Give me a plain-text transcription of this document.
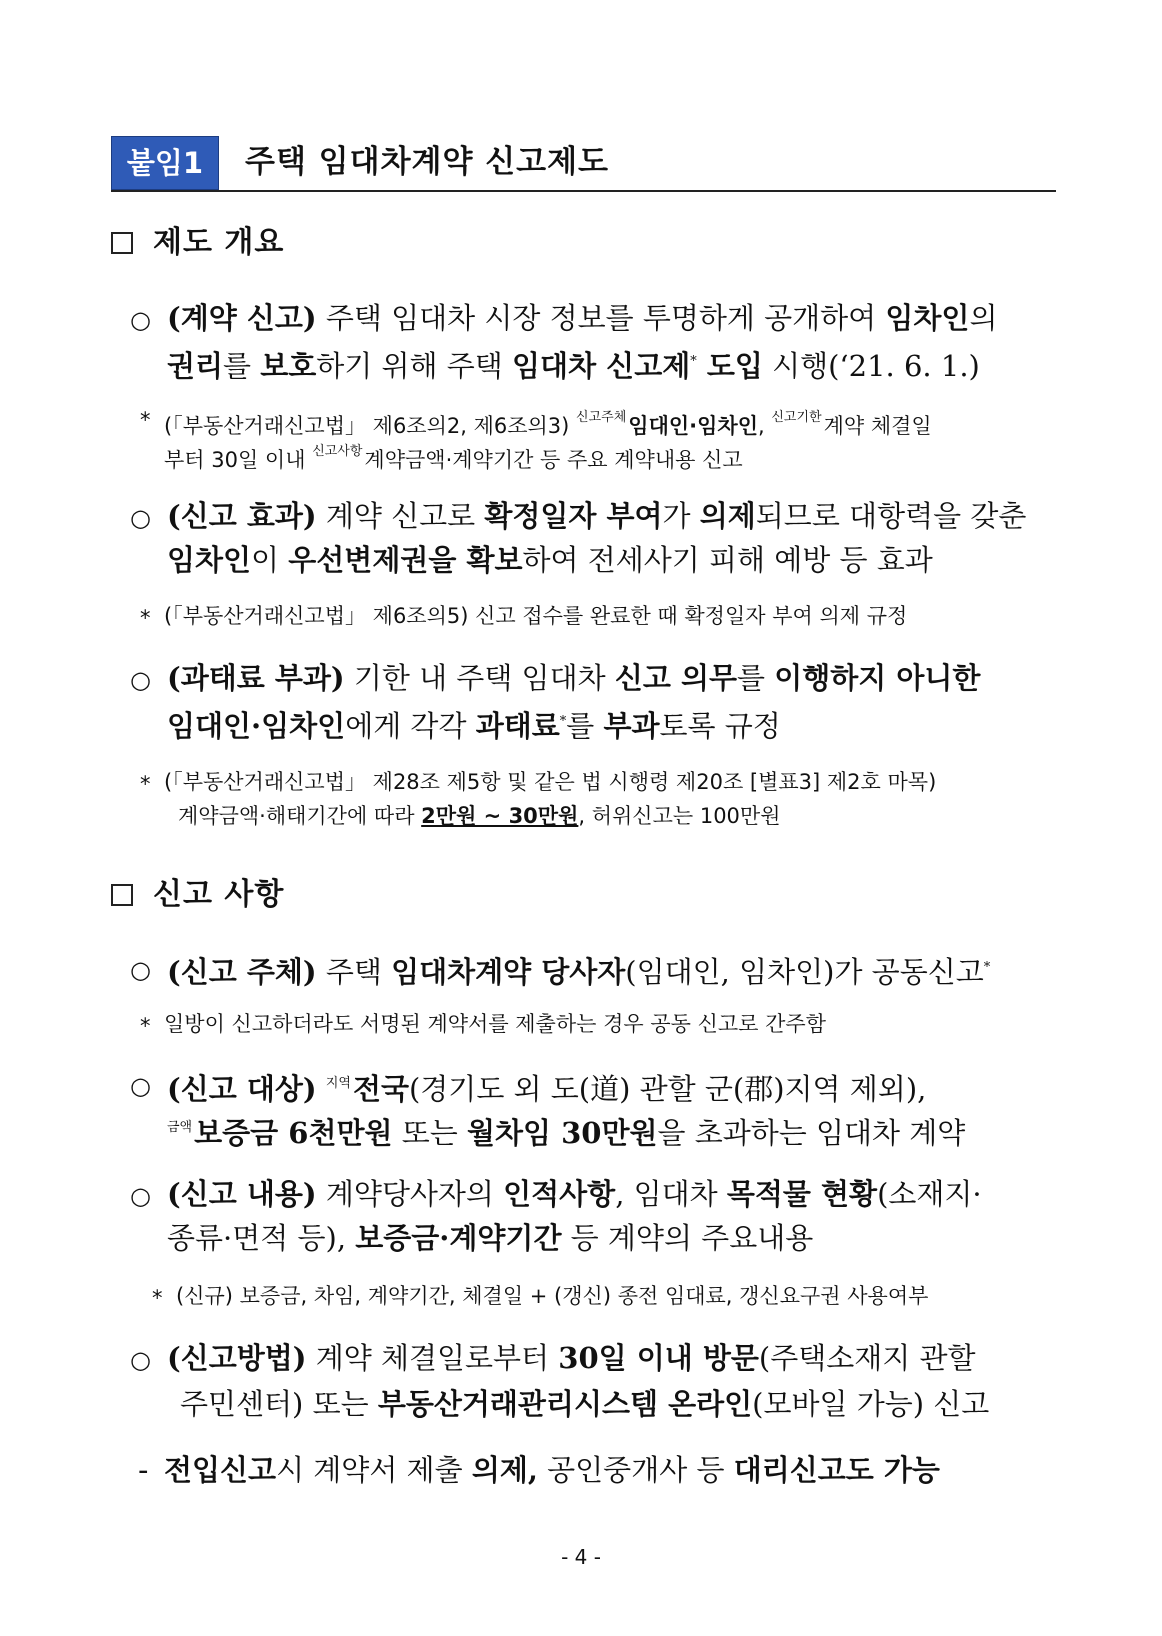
붙임1	주택 임대차계약 신고제도
제도 개요
○ (계약 신고) 주택 임대차 시장 정보를 투명하게 공개하여 임차인의
권리를 보호하기 위해 주택 임대차 신고제* 도입 시행(‘21. 6. 1.)
* (「부동산거래신고법」 제6조의2, 제6조의3) $^{신고주체}$임대인·임차인, $^{신고기한}$계약 체결일
부터 30일 이내 $^{신고사항}$계약금액·계약기간 등 주요 계약내용 신고
○ (신고 효과) 계약 신고로 확정일자 부여가 의제되므로 대항력을 갖춘
임차인이 우선변제권을 확보하여 전세사기 피해 예방 등 효과
* (「부동산거래신고법」 제6조의5) 신고 접수를 완료한 때 확정일자 부여 의제 규정
○ (과태료 부과) 기한 내 주택 임대차 신고 의무를 이행하지 아니한
임대인·임차인에게 각각 과태료*를 부과토록 규정
* (「부동산거래신고법」 제28조 제5항 및 같은 법 시행령 제20조 [별표3] 제2호 마목)
계약금액·해태기간에 따라 2만원 ~ 30만원, 허위신고는 100만원
신고 사항
○ (신고 주체) 주택 임대차계약 당사자(임대인, 임차인)가 공동신고*
* 일방이 신고하더라도 서명된 계약서를 제출하는 경우 공동 신고로 간주함
○ (신고 대상) $^{지역}$전국(경기도 외 도(道) 관할 군(郡)지역 제외),
$^{금액}$보증금 6천만원 또는 월차임 30만원을 초과하는 임대차 계약
○ (신고 내용) 계약당사자의 인적사항, 임대차 목적물 현황(소재지·
종류·면적 등), 보증금·계약기간 등 계약의 주요내용
* (신규) 보증금, 차임, 계약기간, 체결일 + (갱신) 종전 임대료, 갱신요구권 사용여부
○ (신고방법) 계약 체결일로부터 30일 이내 방문(주택소재지 관할
주민센터) 또는 부동산거래관리시스템 온라인(모바일 가능) 신고
- 전입신고시 계약서 제출 의제, 공인중개사 등 대리신고도 가능
- 4 -
